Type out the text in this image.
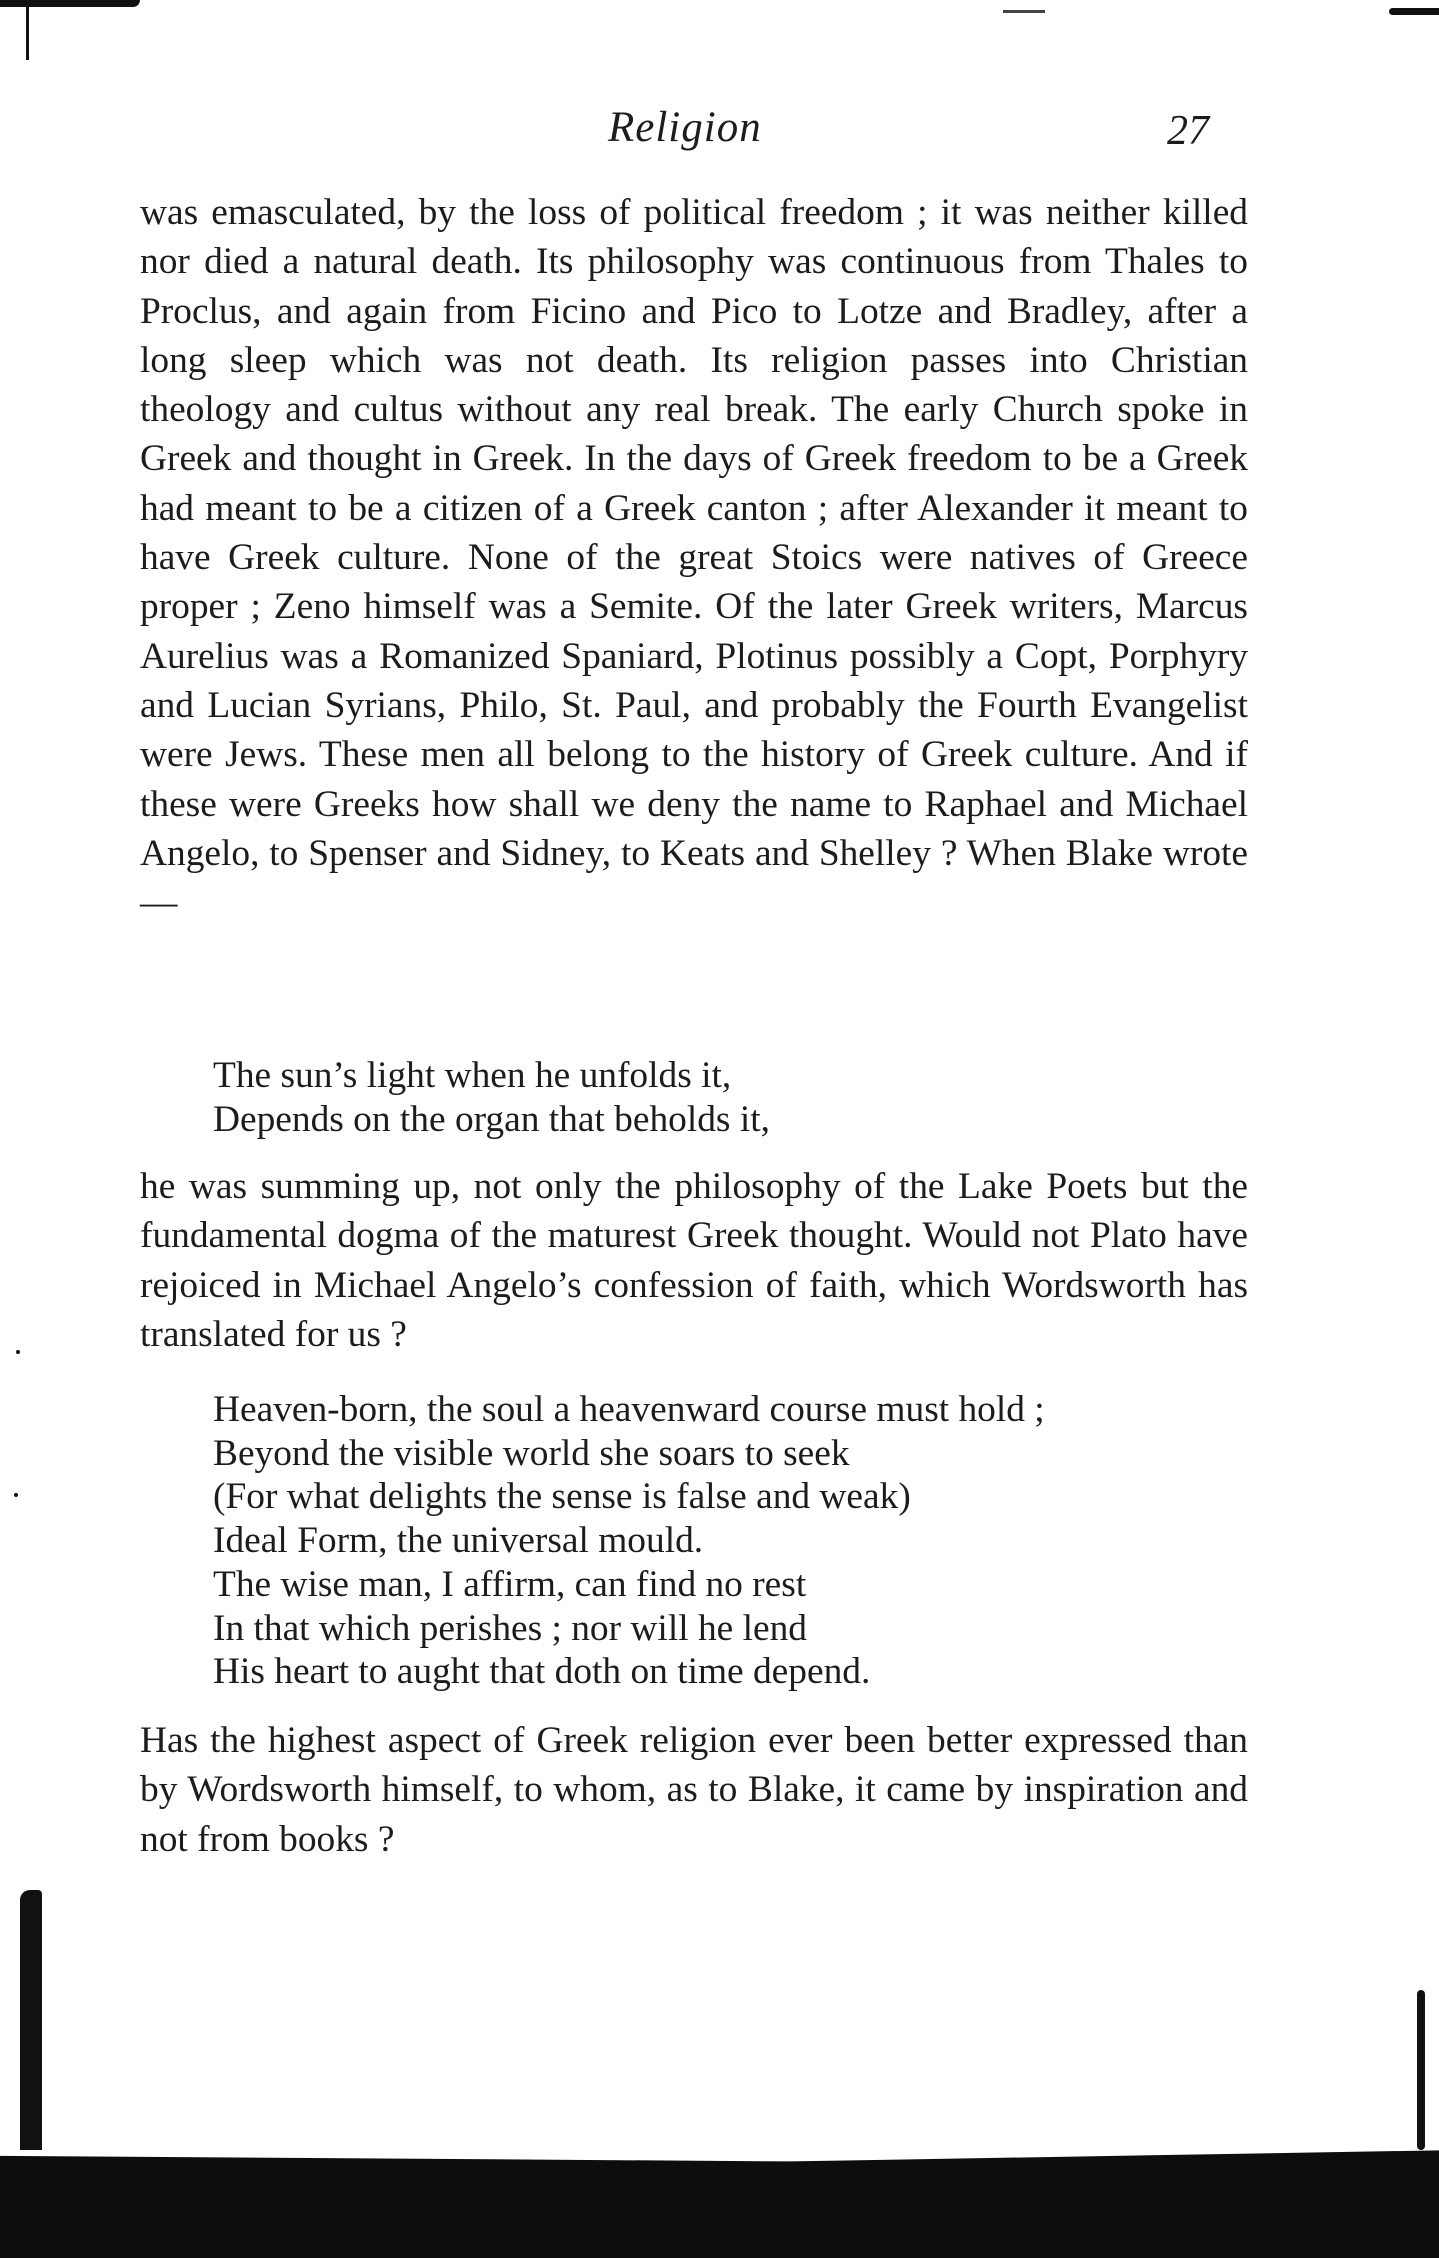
Religion	27

was emasculated, by the loss of political freedom ; it was neither killed nor died a natural death. Its philosophy was continuous from Thales to Proclus, and again from Ficino and Pico to Lotze and Bradley, after a long sleep which was not death. Its religion passes into Christian theology and cultus without any real break. The early Church spoke in Greek and thought in Greek. In the days of Greek freedom to be a Greek had meant to be a citizen of a Greek canton ; after Alexander it meant to have Greek culture. None of the great Stoics were natives of Greece proper ; Zeno himself was a Semite. Of the later Greek writers, Marcus Aurelius was a Romanized Spaniard, Plotinus possibly a Copt, Porphyry and Lucian Syrians, Philo, St. Paul, and probably the Fourth Evangelist were Jews. These men all belong to the history of Greek culture. And if these were Greeks how shall we deny the name to Raphael and Michael Angelo, to Spenser and Sidney, to Keats and Shelley ? When Blake wrote—

The sun’s light when he unfolds it,
Depends on the organ that beholds it,

he was summing up, not only the philosophy of the Lake Poets but the fundamental dogma of the maturest Greek thought. Would not Plato have rejoiced in Michael Angelo’s confession of faith, which Wordsworth has translated for us ?

Heaven-born, the soul a heavenward course must hold ;
Beyond the visible world she soars to seek
(For what delights the sense is false and weak)
Ideal Form, the universal mould.
The wise man, I affirm, can find no rest
In that which perishes ; nor will he lend
His heart to aught that doth on time depend.

Has the highest aspect of Greek religion ever been better expressed than by Wordsworth himself, to whom, as to Blake, it came by inspiration and not from books ?
